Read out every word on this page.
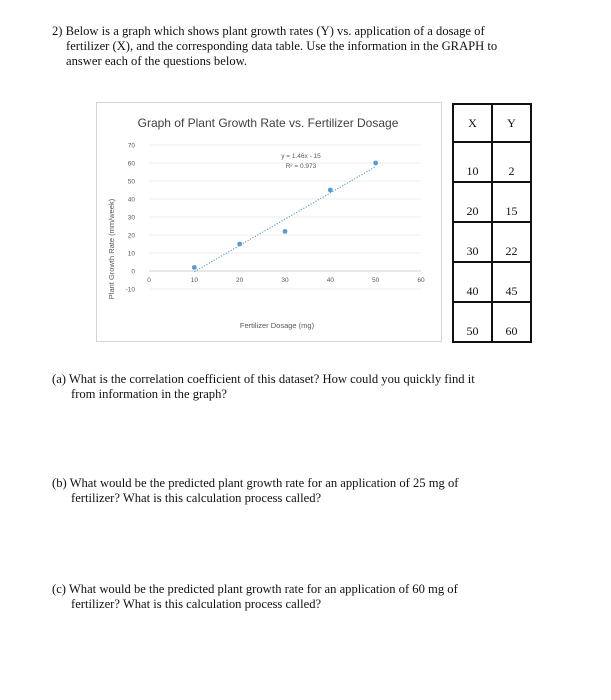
2) Below is a graph which shows plant growth rates (Y) vs. application of a dosage of
fertilizer (X), and the corresponding data table. Use the information in the GRAPH to
answer each of the questions below.
Graph of Plant Growth Rate vs. Fertilizer Dosage
Plant Growth Rate (mm/week)
Fertilizer Dosage (mg)
70
60
50
40
30
20
10
0
-10
0	10	20	30	40	50	60
y = 1.46x - 15
R² = 0.973
X	Y
10	2
20	15
30	22
40	45
50	60
(a) What is the correlation coefficient of this dataset? How could you quickly find it
from information in the graph?
(b) What would be the predicted plant growth rate for an application of 25 mg of
fertilizer? What is this calculation process called?
(c) What would be the predicted plant growth rate for an application of 60 mg of
fertilizer? What is this calculation process called?
